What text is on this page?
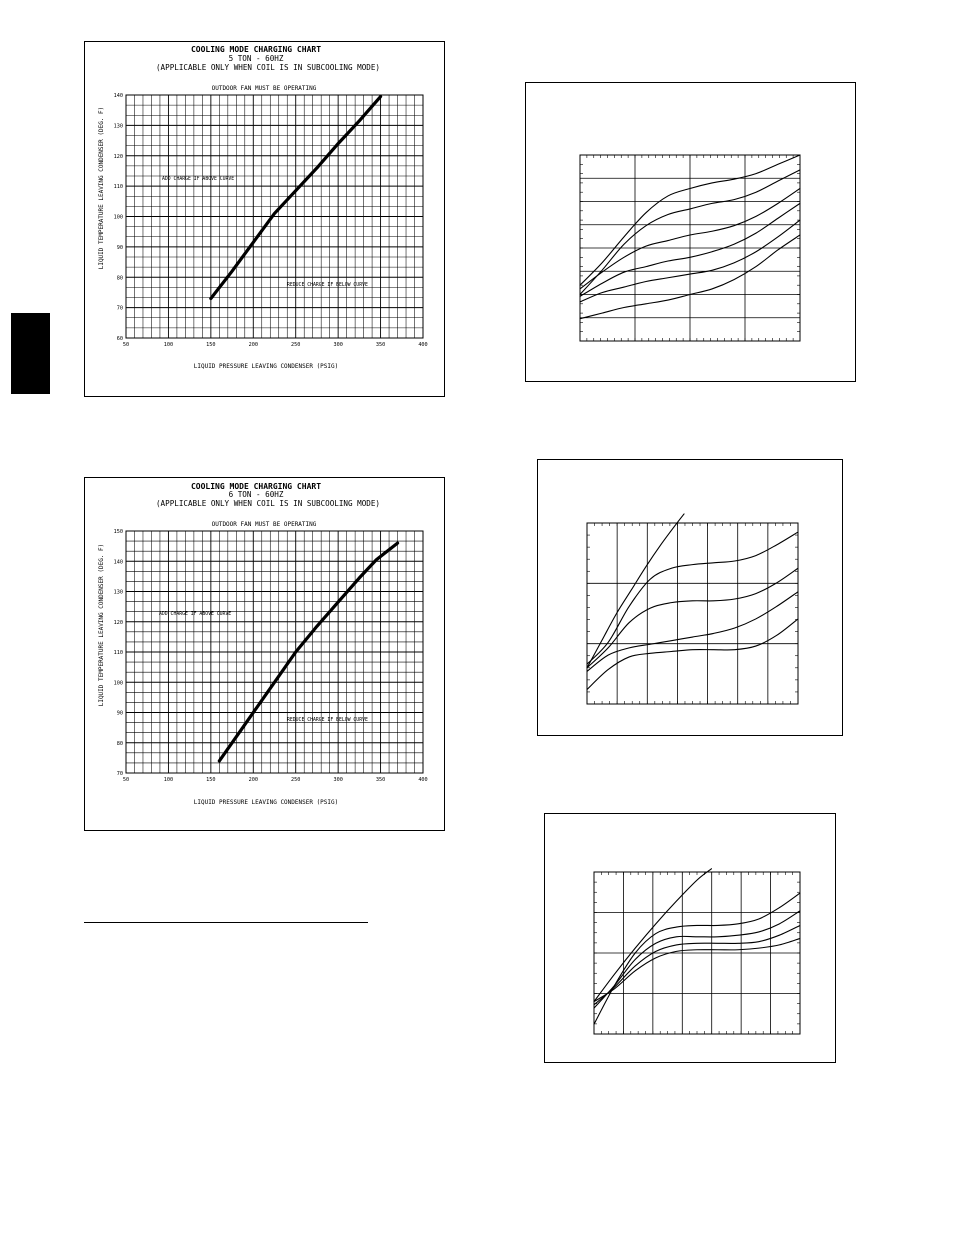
COOLING MODE CHARGING CHART
5 TON - 60HZ
(APPLICABLE ONLY WHEN COIL IS IN SUBCOOLING MODE)
OUTDOOR FAN MUST BE OPERATING
LIQUID PRESSURE LEAVING CONDENSER (PSIG)
LIQUID TEMPERATURE LEAVING CONDENSER (DEG. F)	ADD CHARGE IF ABOVE CURVE
REDUCE CHARGE IF BELOW CURVE
COOLING MODE CHARGING CHART
6 TON - 60HZ
(APPLICABLE ONLY WHEN COIL IS IN SUBCOOLING MODE)
OUTDOOR FAN MUST BE OPERATING
LIQUID PRESSURE LEAVING CONDENSER (PSIG)
LIQUID TEMPERATURE LEAVING CONDENSER (DEG. F)	ADD CHARGE IF ABOVE CURVE
REDUCE CHARGE IF BELOW CURVE
50	100	150	200	250	300	350	400
60
70
80
90
100
110
120
130
140
50	100	150	200	250	300	350	400
70
80
90
100
110
120
130
140
150
